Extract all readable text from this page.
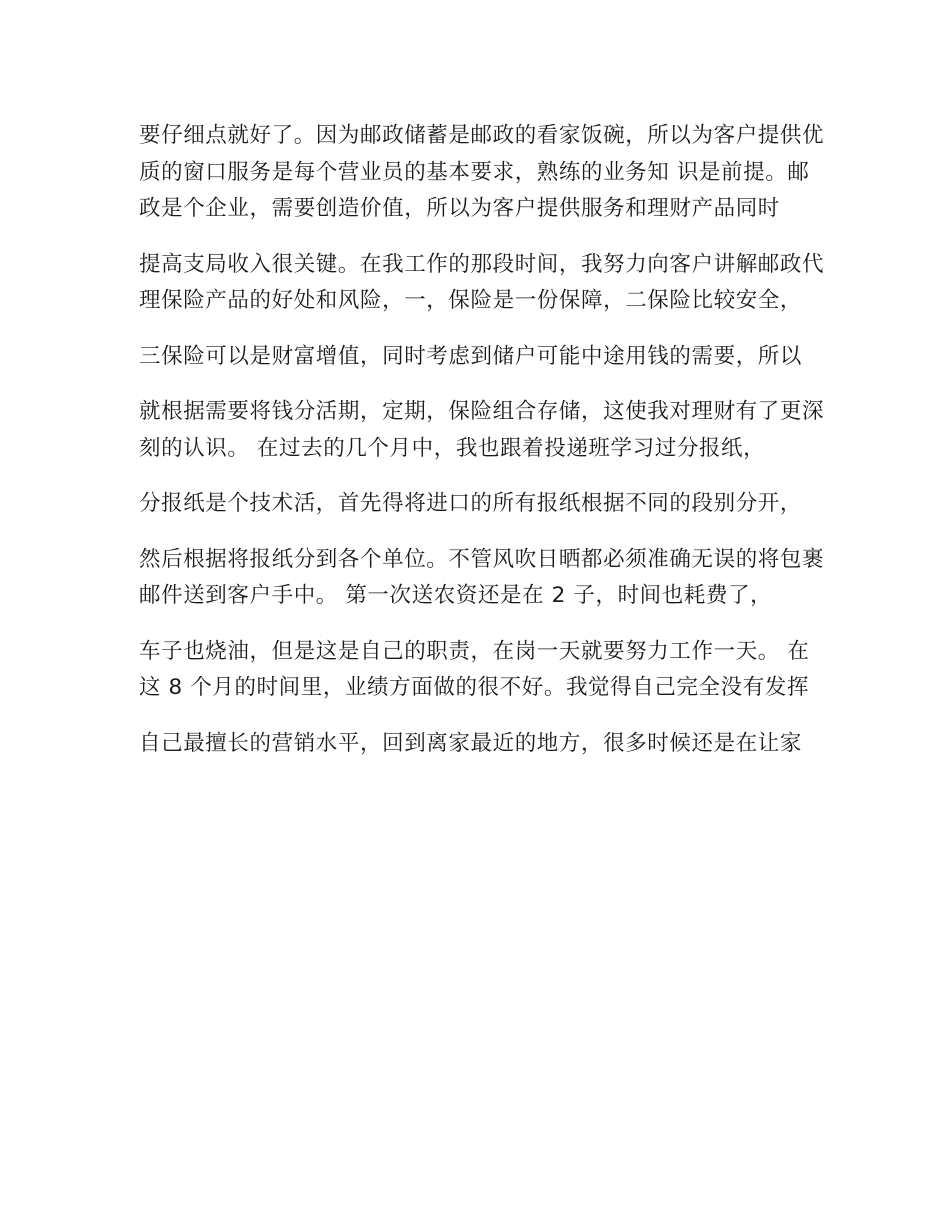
要仔细点就好了。因为邮政储蓄是邮政的看家饭碗，所以为客户提供优质的窗口服务是每个营业员的基本要求，熟练的业务知 识是前提。邮政是个企业，需要创造价值，所以为客户提供服务和理财产品同时

提高支局收入很关键。在我工作的那段时间，我努力向客户讲解邮政代理保险产品的好处和风险，一，保险是一份保障，二保险比较安全，

三保险可以是财富增值，同时考虑到储户可能中途用钱的需要，所以

就根据需要将钱分活期，定期，保险组合存储，这使我对理财有了更深刻的认识。 在过去的几个月中，我也跟着投递班学习过分报纸，

分报纸是个技术活，首先得将进口的所有报纸根据不同的段别分开，

然后根据将报纸分到各个单位。不管风吹日晒都必须准确无误的将包裹邮件送到客户手中。 第一次送农资还是在 2 子，时间也耗费了，

车子也烧油，但是这是自己的职责，在岗一天就要努力工作一天。 在这 8 个月的时间里，业绩方面做的很不好。我觉得自己完全没有发挥

自己最擅长的营销水平，回到离家最近的地方，很多时候还是在让家
